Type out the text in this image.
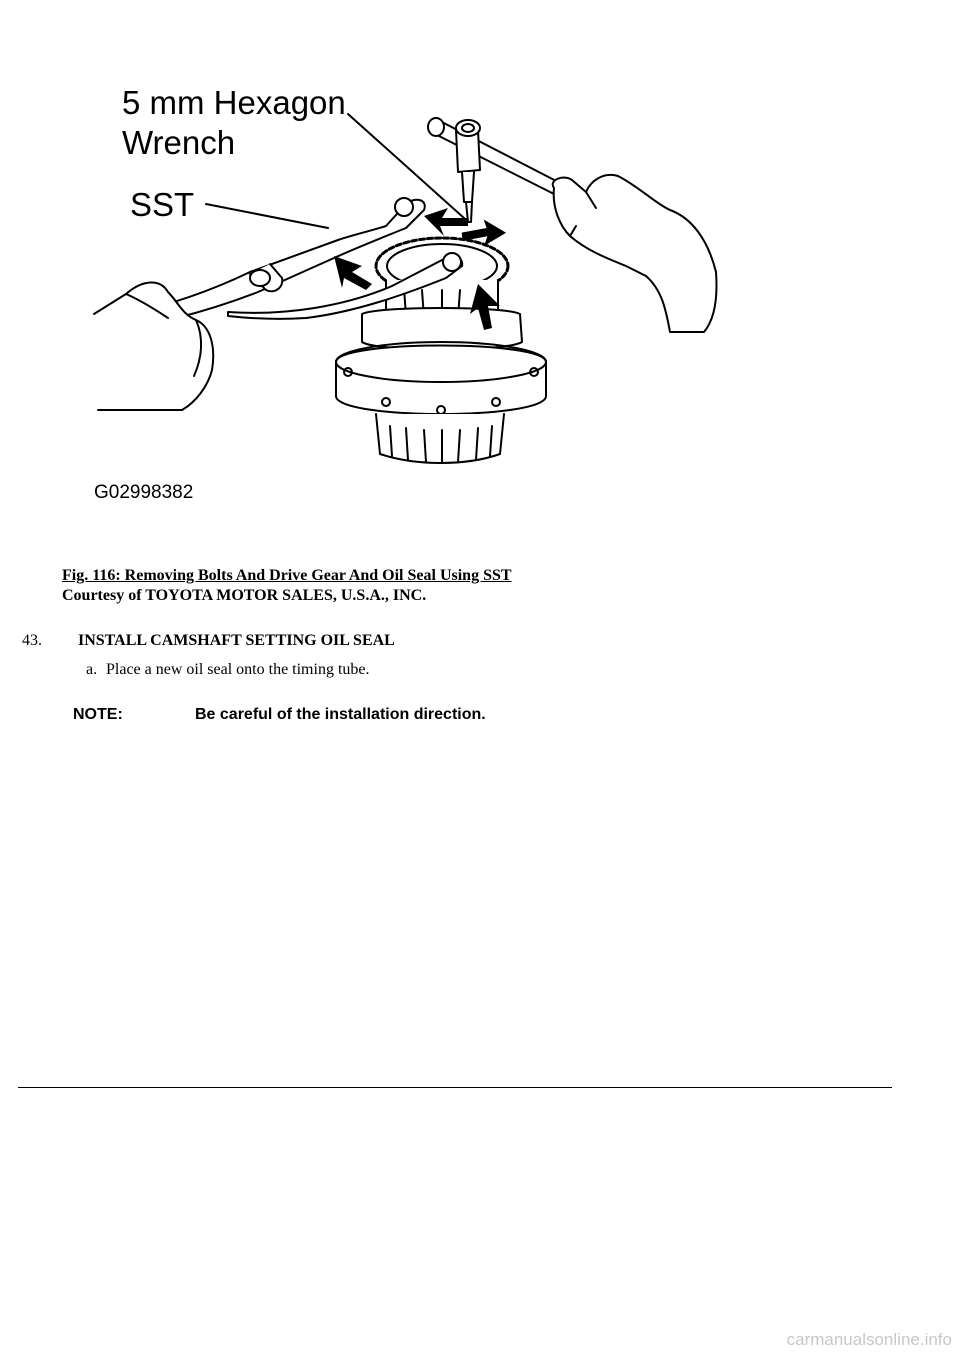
5 mm Hexagon
Wrench
SST
G02998382
Fig. 116: Removing Bolts And Drive Gear And Oil Seal Using SST
Courtesy of TOYOTA MOTOR SALES, U.S.A., INC.
43. INSTALL CAMSHAFT SETTING OIL SEAL
a. Place a new oil seal onto the timing tube.
NOTE:	Be careful of the installation direction.
carmanualsonline.info
